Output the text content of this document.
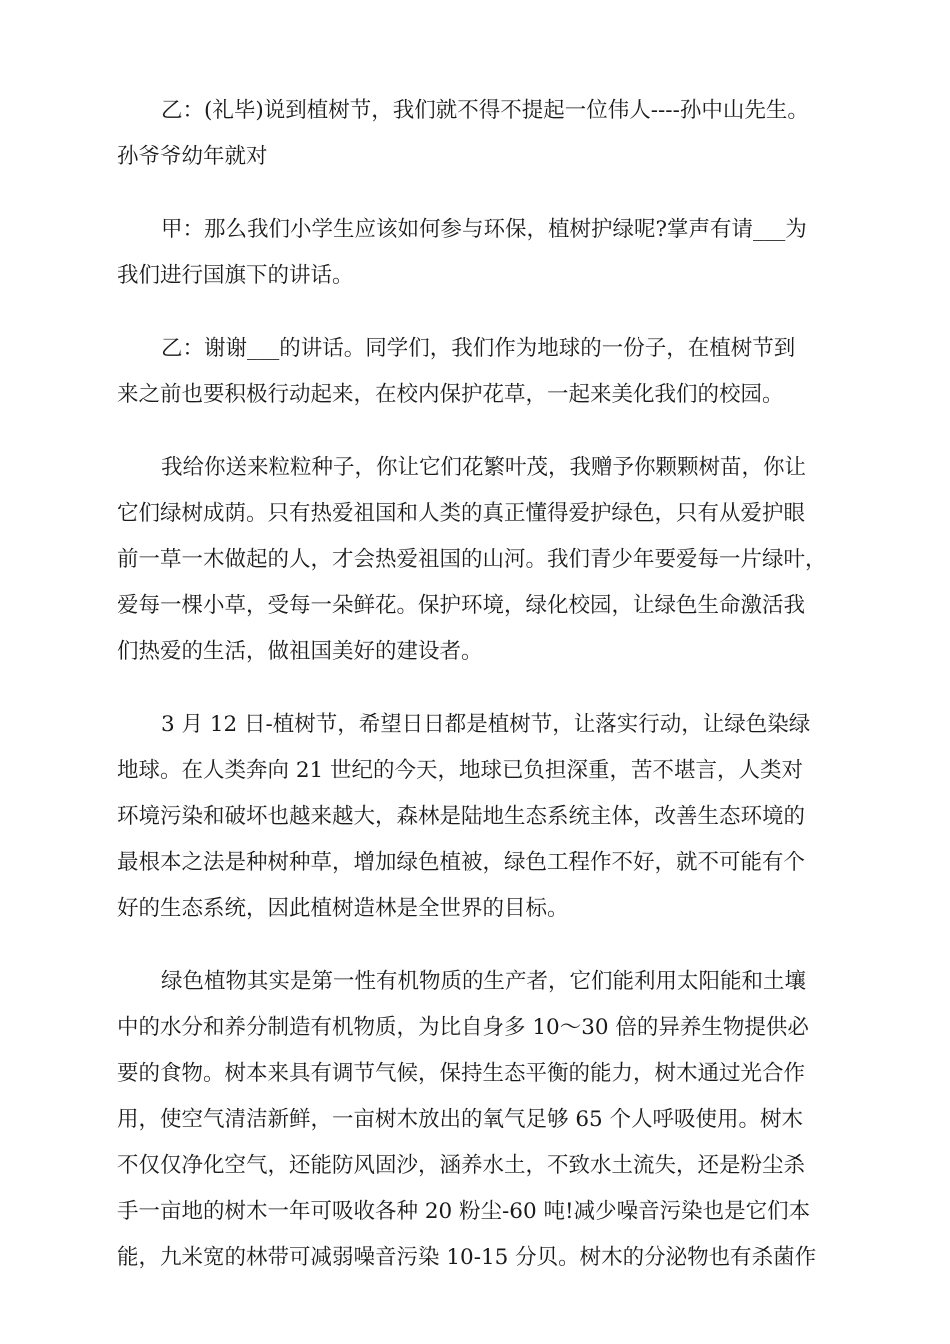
乙：(礼毕)说到植树节，我们就不得不提起一位伟人----孙中山先生。
孙爷爷幼年就对

甲：那么我们小学生应该如何参与环保，植树护绿呢?掌声有请___为
我们进行国旗下的讲话。

乙：谢谢___的讲话。同学们，我们作为地球的一份子，在植树节到
来之前也要积极行动起来，在校内保护花草，一起来美化我们的校园。

我给你送来粒粒种子，你让它们花繁叶茂，我赠予你颗颗树苗，你让
它们绿树成荫。只有热爱祖国和人类的真正懂得爱护绿色，只有从爱护眼
前一草一木做起的人，才会热爱祖国的山河。我们青少年要爱每一片绿叶，
爱每一棵小草，受每一朵鲜花。保护环境，绿化校园，让绿色生命激活我
们热爱的生活，做祖国美好的建设者。

3 月 12 日-植树节，希望日日都是植树节，让落实行动，让绿色染绿
地球。在人类奔向 21 世纪的今天，地球已负担深重，苦不堪言，人类对
环境污染和破坏也越来越大，森林是陆地生态系统主体，改善生态环境的
最根本之法是种树种草，增加绿色植被，绿色工程作不好，就不可能有个
好的生态系统，因此植树造林是全世界的目标。

绿色植物其实是第一性有机物质的生产者，它们能利用太阳能和土壤
中的水分和养分制造有机物质，为比自身多 10～30 倍的异养生物提供必
要的食物。树本来具有调节气候，保持生态平衡的能力，树木通过光合作
用，使空气清洁新鲜，一亩树木放出的氧气足够 65 个人呼吸使用。树木
不仅仅净化空气，还能防风固沙，涵养水土，不致水土流失，还是粉尘杀
手一亩地的树木一年可吸收各种 20 粉尘-60 吨!减少噪音污染也是它们本
能，九米宽的林带可减弱噪音污染 10-15 分贝。树木的分泌物也有杀菌作
